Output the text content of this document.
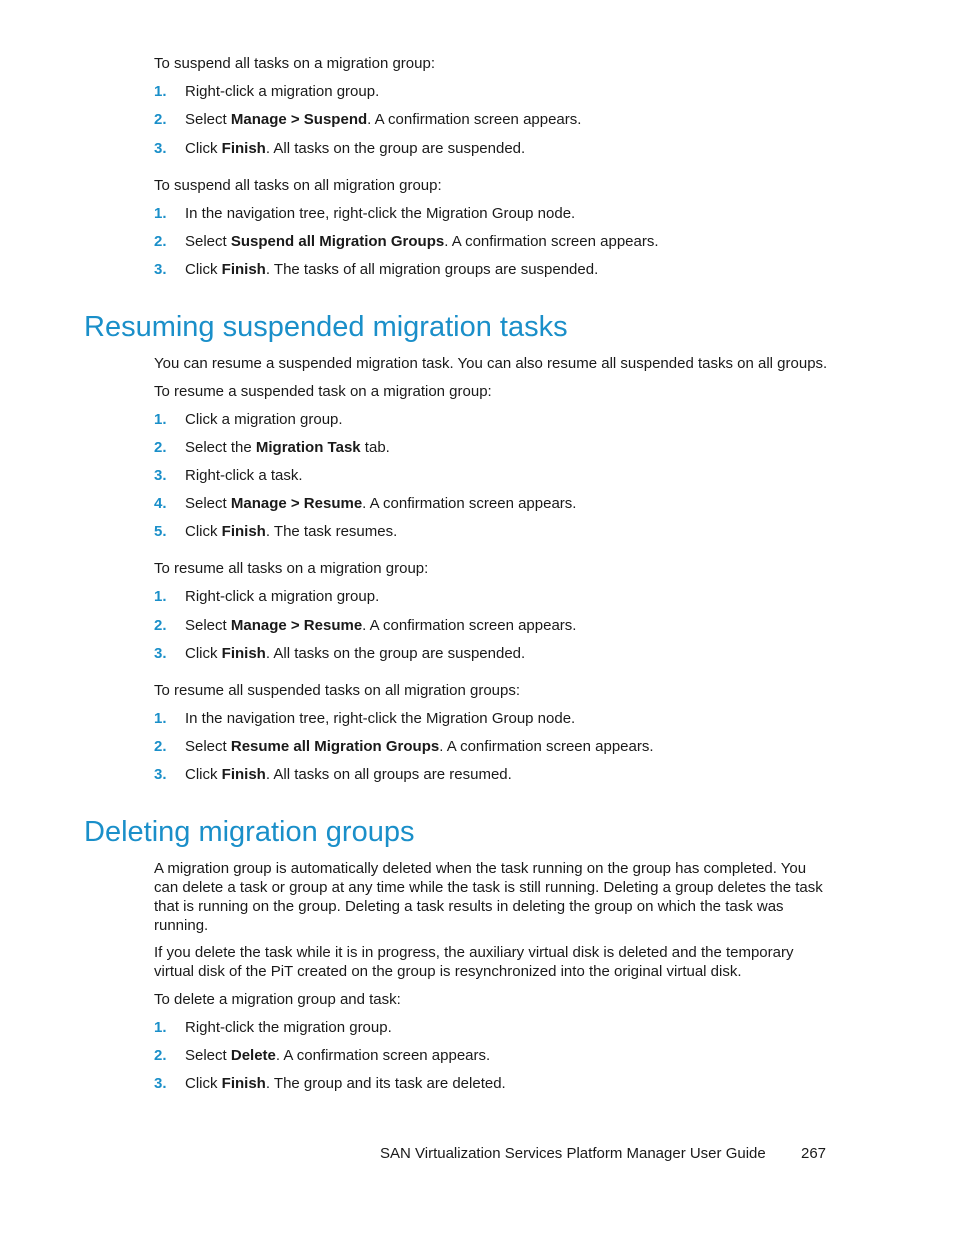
To suspend all tasks on a migration group:

1.	Right-click a migration group.
2.	Select Manage > Suspend. A confirmation screen appears.
3.	Click Finish. All tasks on the group are suspended.

To suspend all tasks on all migration group:

1.	In the navigation tree, right-click the Migration Group node.
2.	Select Suspend all Migration Groups. A confirmation screen appears.
3.	Click Finish. The tasks of all migration groups are suspended.
Resuming suspended migration tasks

You can resume a suspended migration task. You can also resume all suspended tasks on all groups.

To resume a suspended task on a migration group:

1.	Click a migration group.
2.	Select the Migration Task tab.
3.	Right-click a task.
4.	Select Manage > Resume. A confirmation screen appears.
5.	Click Finish. The task resumes.

To resume all tasks on a migration group:

1.	Right-click a migration group.
2.	Select Manage > Resume. A confirmation screen appears.
3.	Click Finish. All tasks on the group are suspended.

To resume all suspended tasks on all migration groups:

1.	In the navigation tree, right-click the Migration Group node.
2.	Select Resume all Migration Groups. A confirmation screen appears.
3.	Click Finish. All tasks on all groups are resumed.
Deleting migration groups

A migration group is automatically deleted when the task running on the group has completed. You can delete a task or group at any time while the task is still running. Deleting a group deletes the task that is running on the group. Deleting a task results in deleting the group on which the task was running.

If you delete the task while it is in progress, the auxiliary virtual disk is deleted and the temporary virtual disk of the PiT created on the group is resynchronized into the original virtual disk.

To delete a migration group and task:

1.	Right-click the migration group.
2.	Select Delete. A confirmation screen appears.
3.	Click Finish. The group and its task are deleted.
SAN Virtualization Services Platform Manager User Guide 267
